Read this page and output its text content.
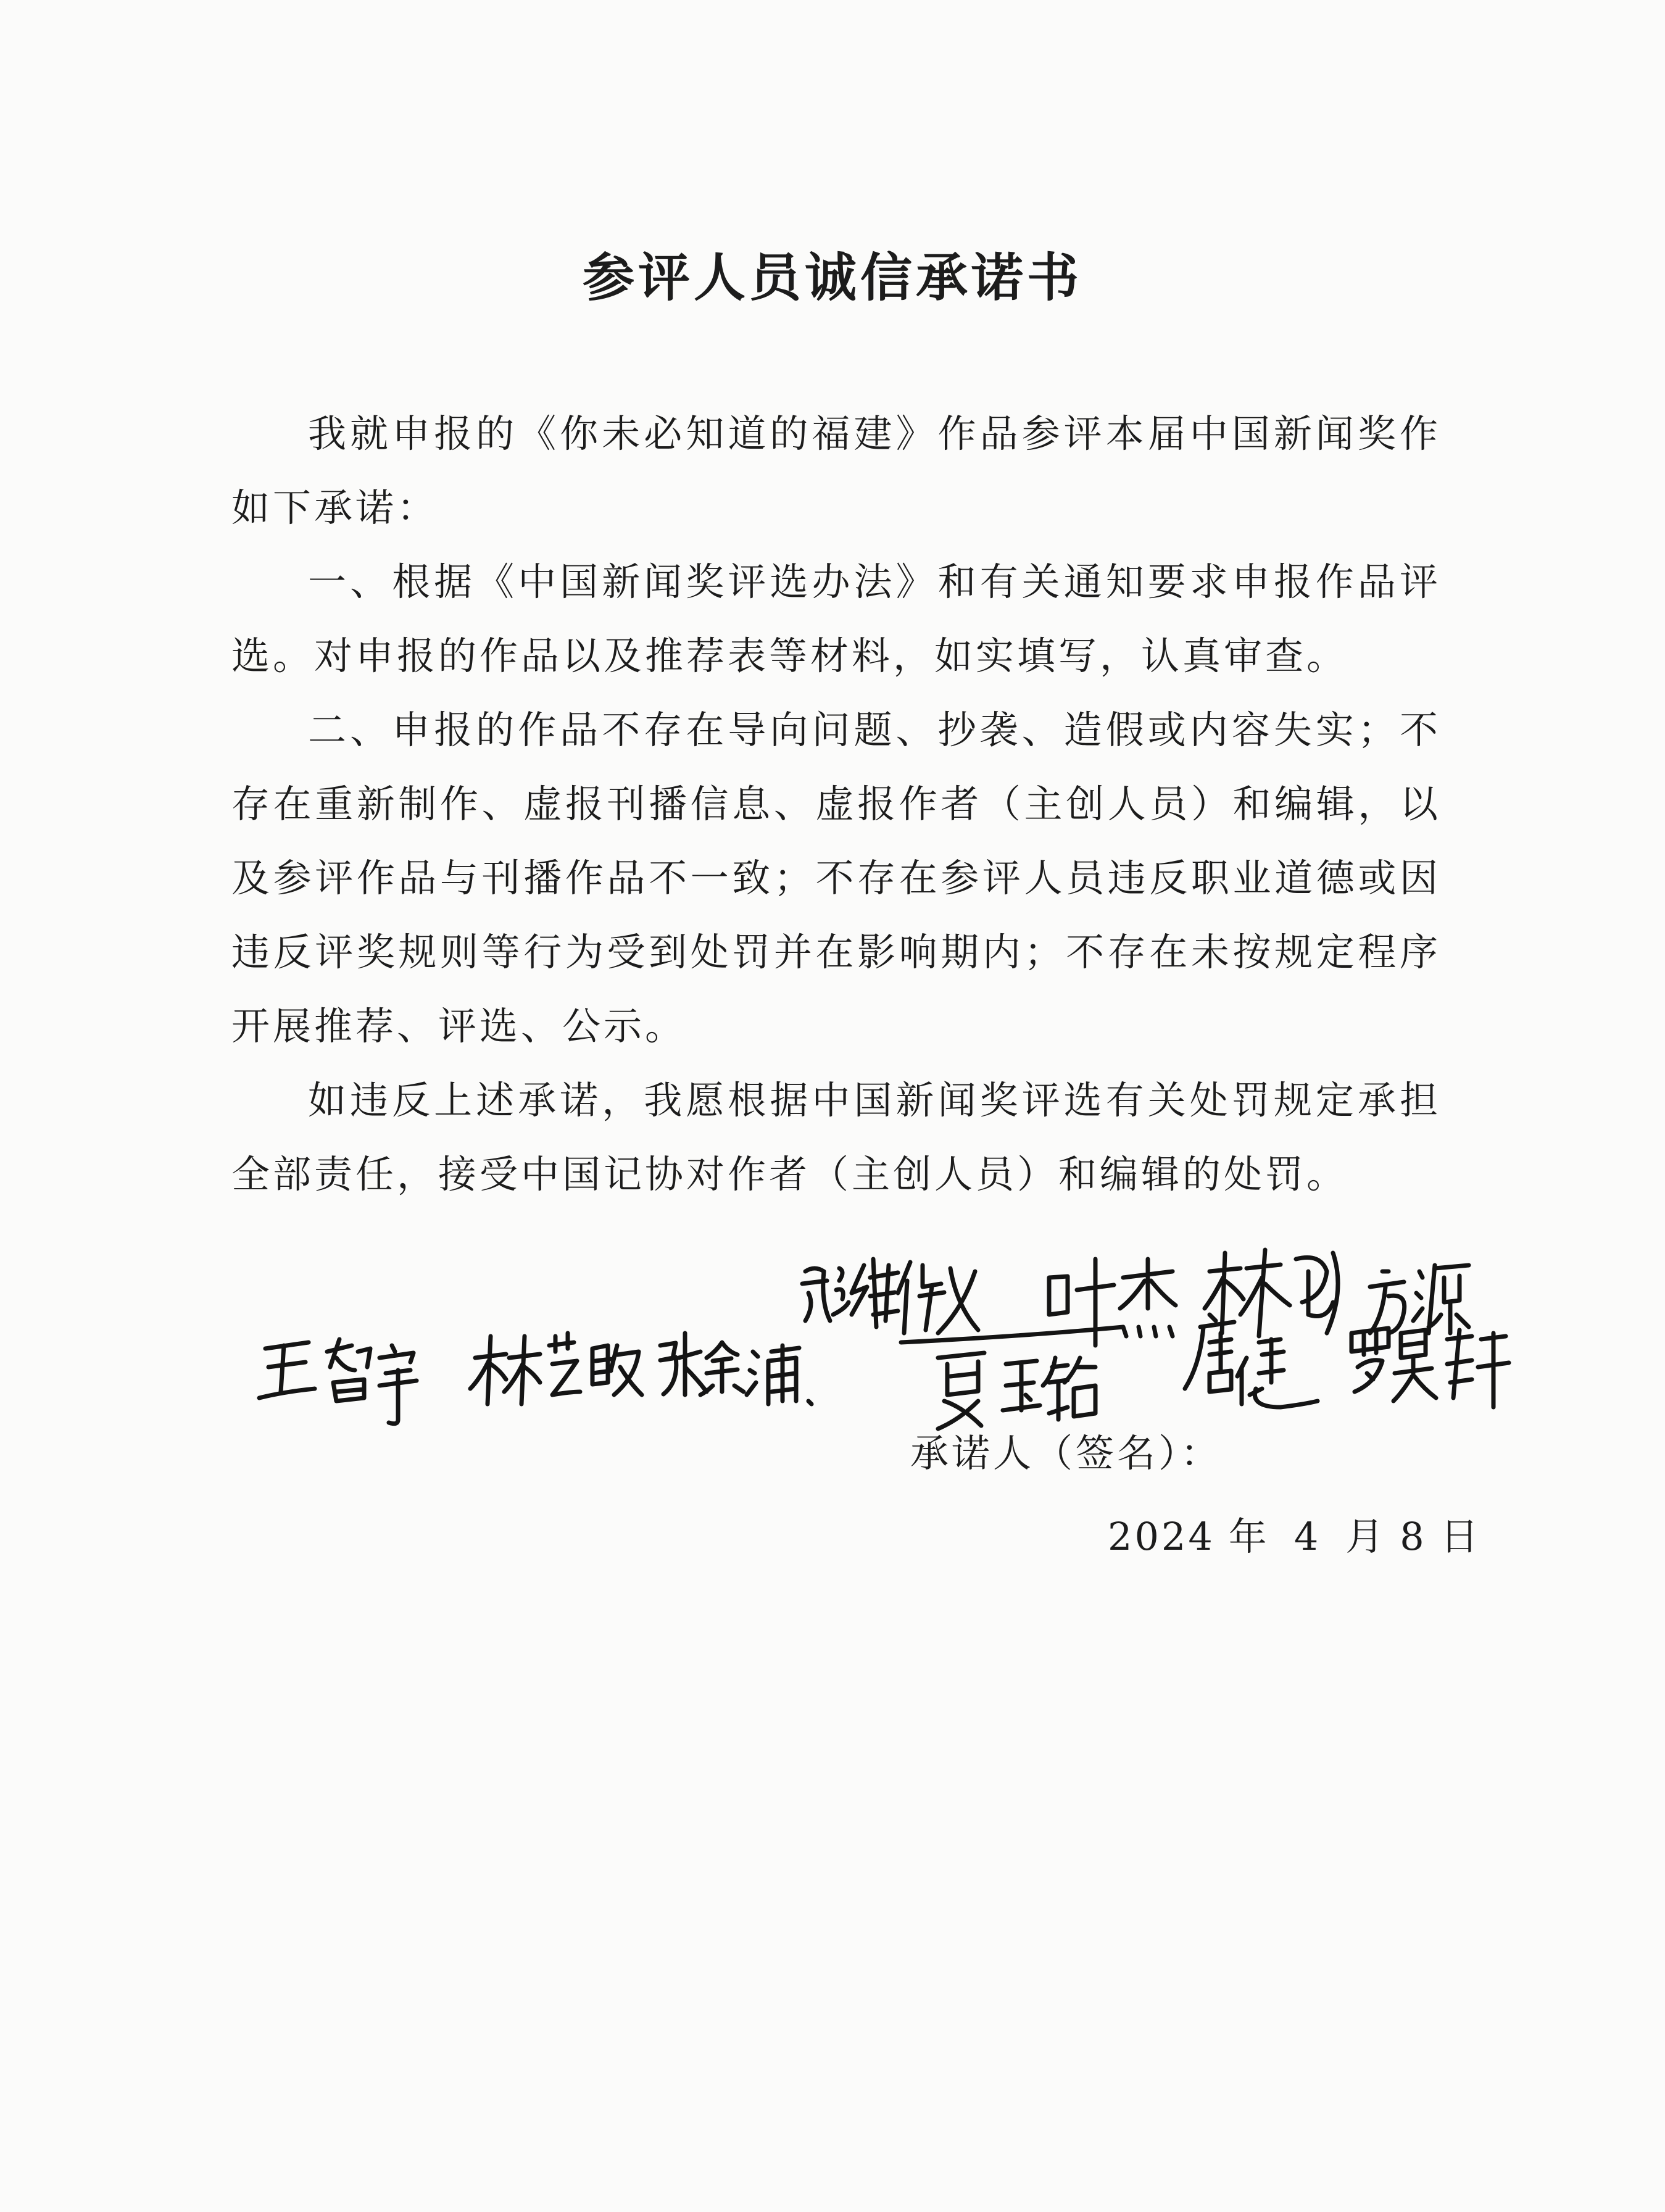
参评人员诚信承诺书

我就申报的《你未必知道的福建》作品参评本届中国新闻奖作如下承诺：

一、根据《中国新闻奖评选办法》和有关通知要求申报作品评选。对申报的作品以及推荐表等材料，如实填写，认真审查。

二、申报的作品不存在导向问题、抄袭、造假或内容失实；不存在重新制作、虚报刊播信息、虚报作者（主创人员）和编辑，以及参评作品与刊播作品不一致；不存在参评人员违反职业道德或因违反评奖规则等行为受到处罚并在影响期内；不存在未按规定程序开展推荐、评选、公示。

如违反上述承诺，我愿根据中国新闻奖评选有关处罚规定承担全部责任，接受中国记协对作者（主创人员）和编辑的处罚。

承诺人（签名）：
2024 年 4 月 8 日
